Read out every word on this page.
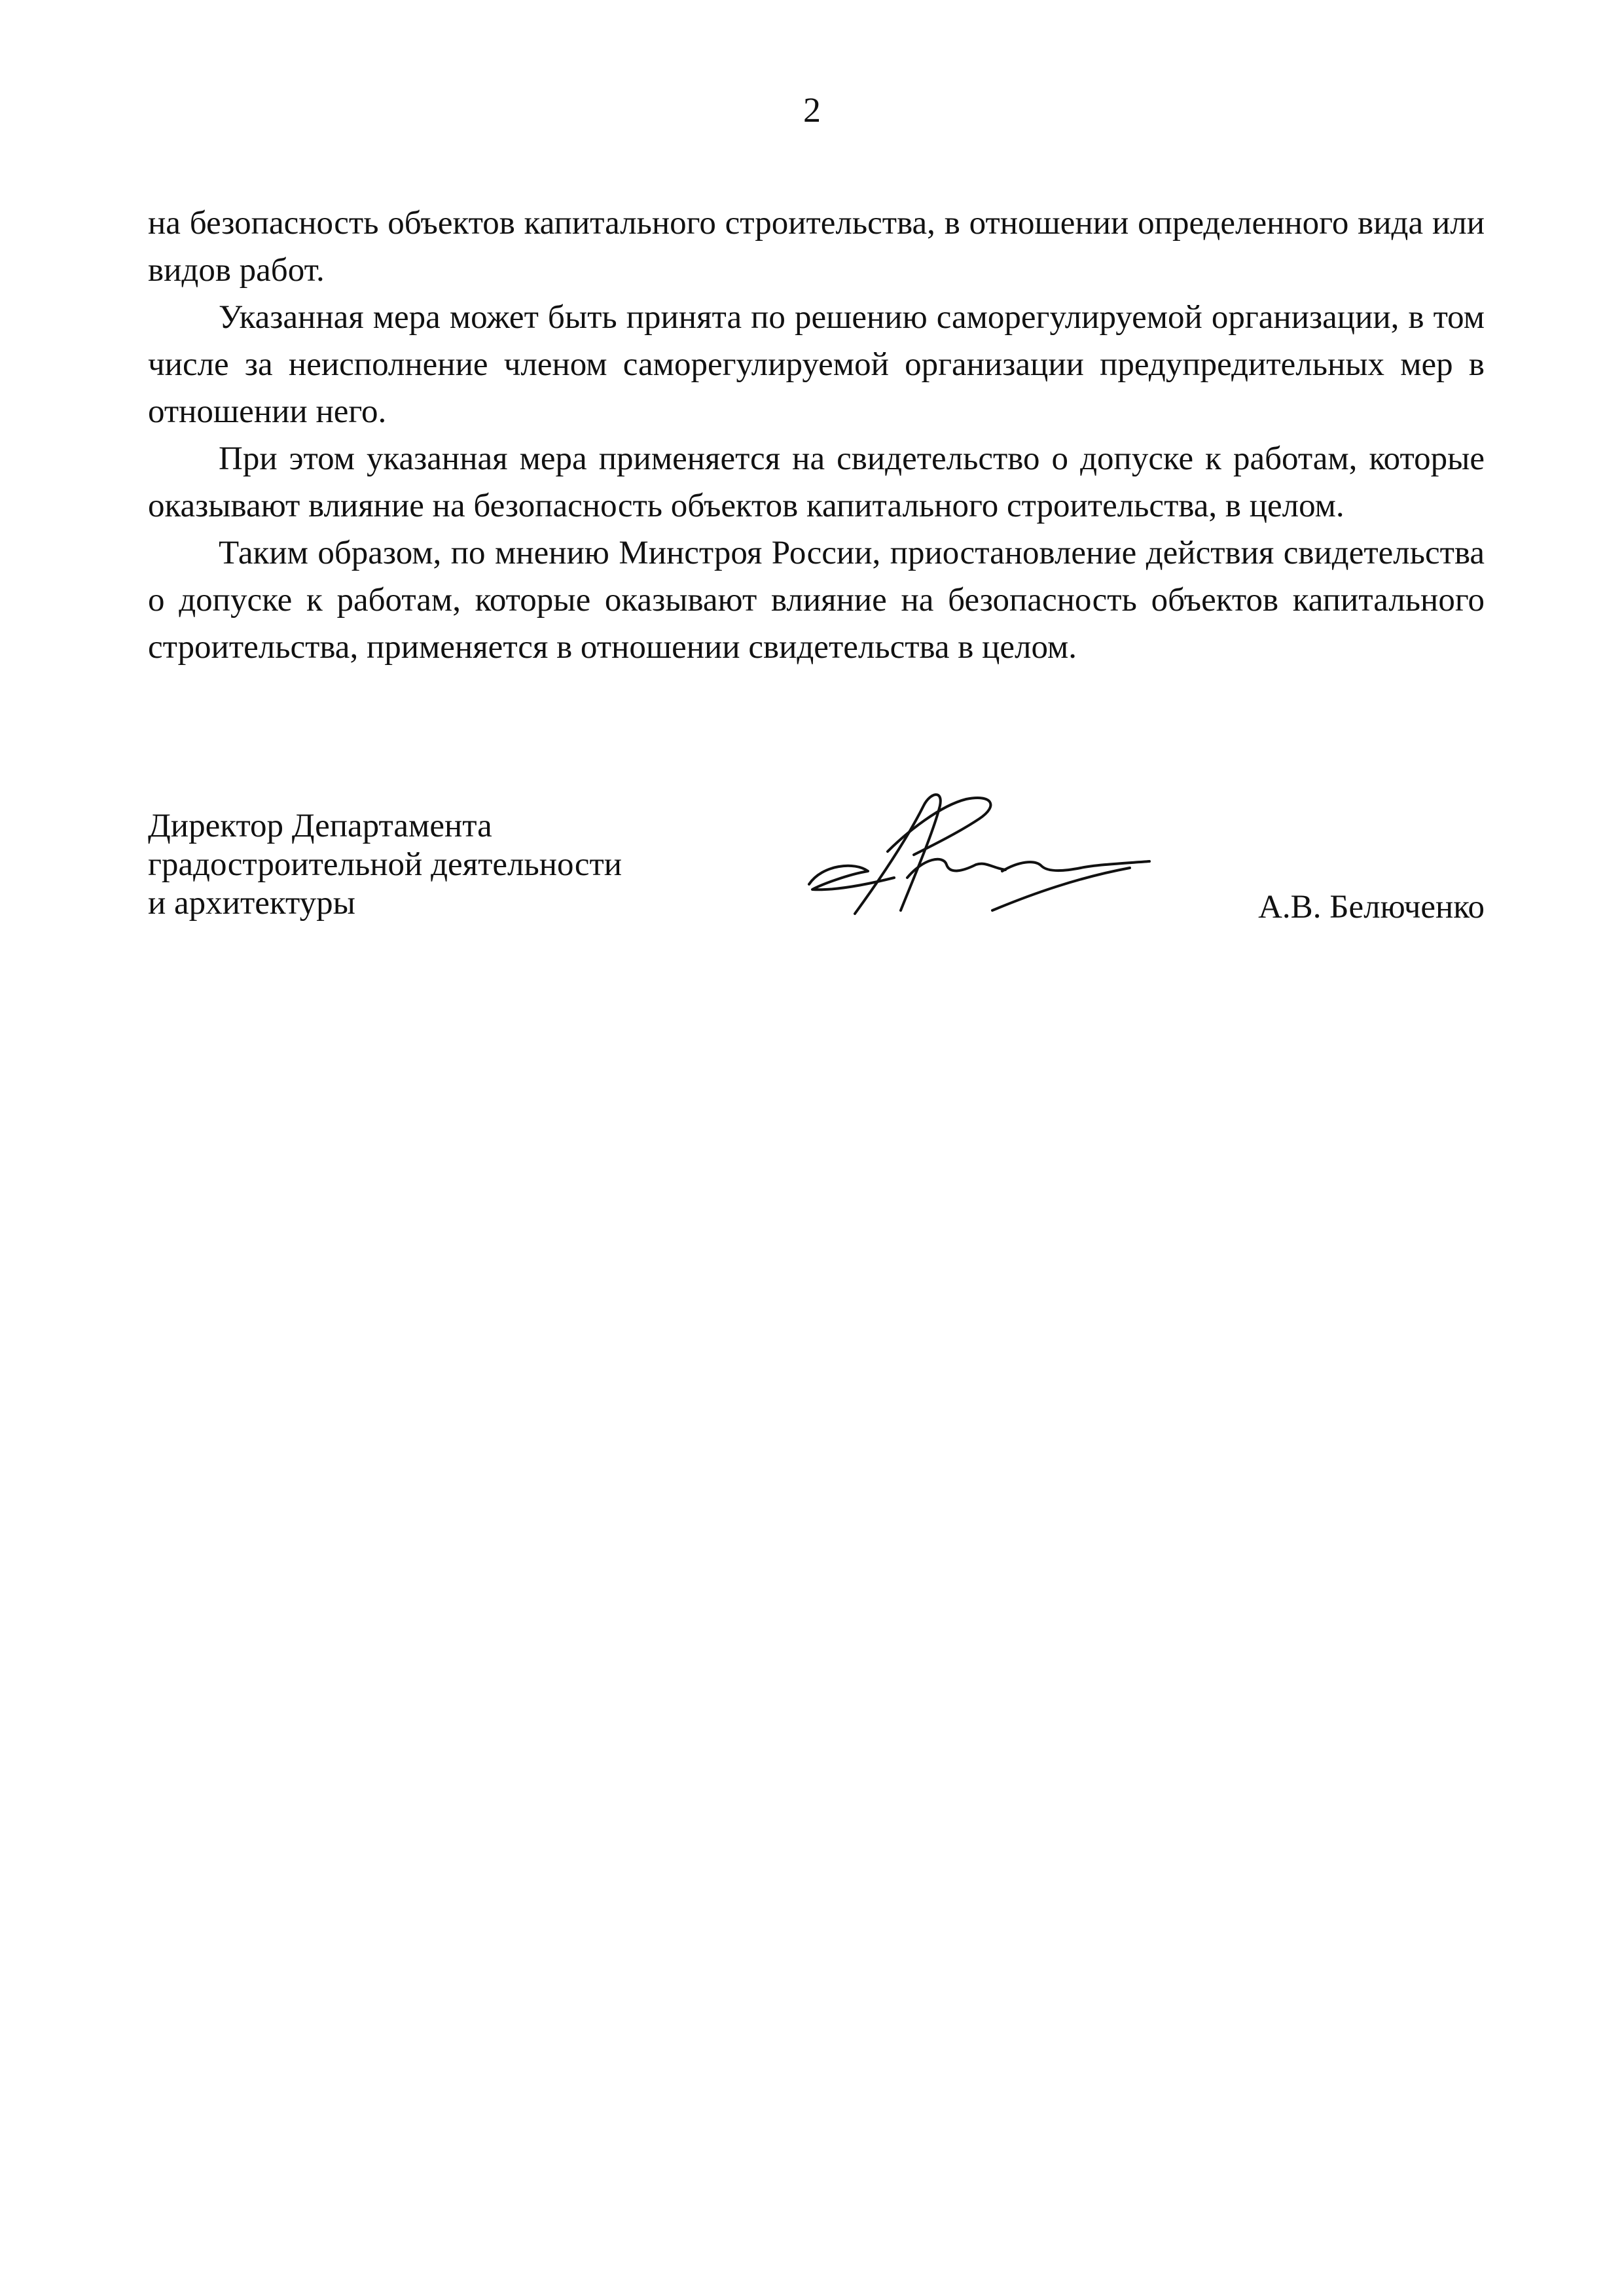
2

на безопасность объектов капитального строительства, в отношении определенного вида или видов работ.

Указанная мера может быть принята по решению саморегулируемой организации, в том числе за неисполнение членом саморегулируемой организации предупредительных мер в отношении него.

При этом указанная мера применяется на свидетельство о допуске к работам, которые оказывают влияние на безопасность объектов капитального строительства, в целом.

Таким образом, по мнению Минстроя России, приостановление действия свидетельства о допуске к работам, которые оказывают влияние на безопасность объектов капитального строительства, применяется в отношении свидетельства в целом.

Директор Департамента
градостроительной деятельности
и архитектуры	А.В. Белюченко
